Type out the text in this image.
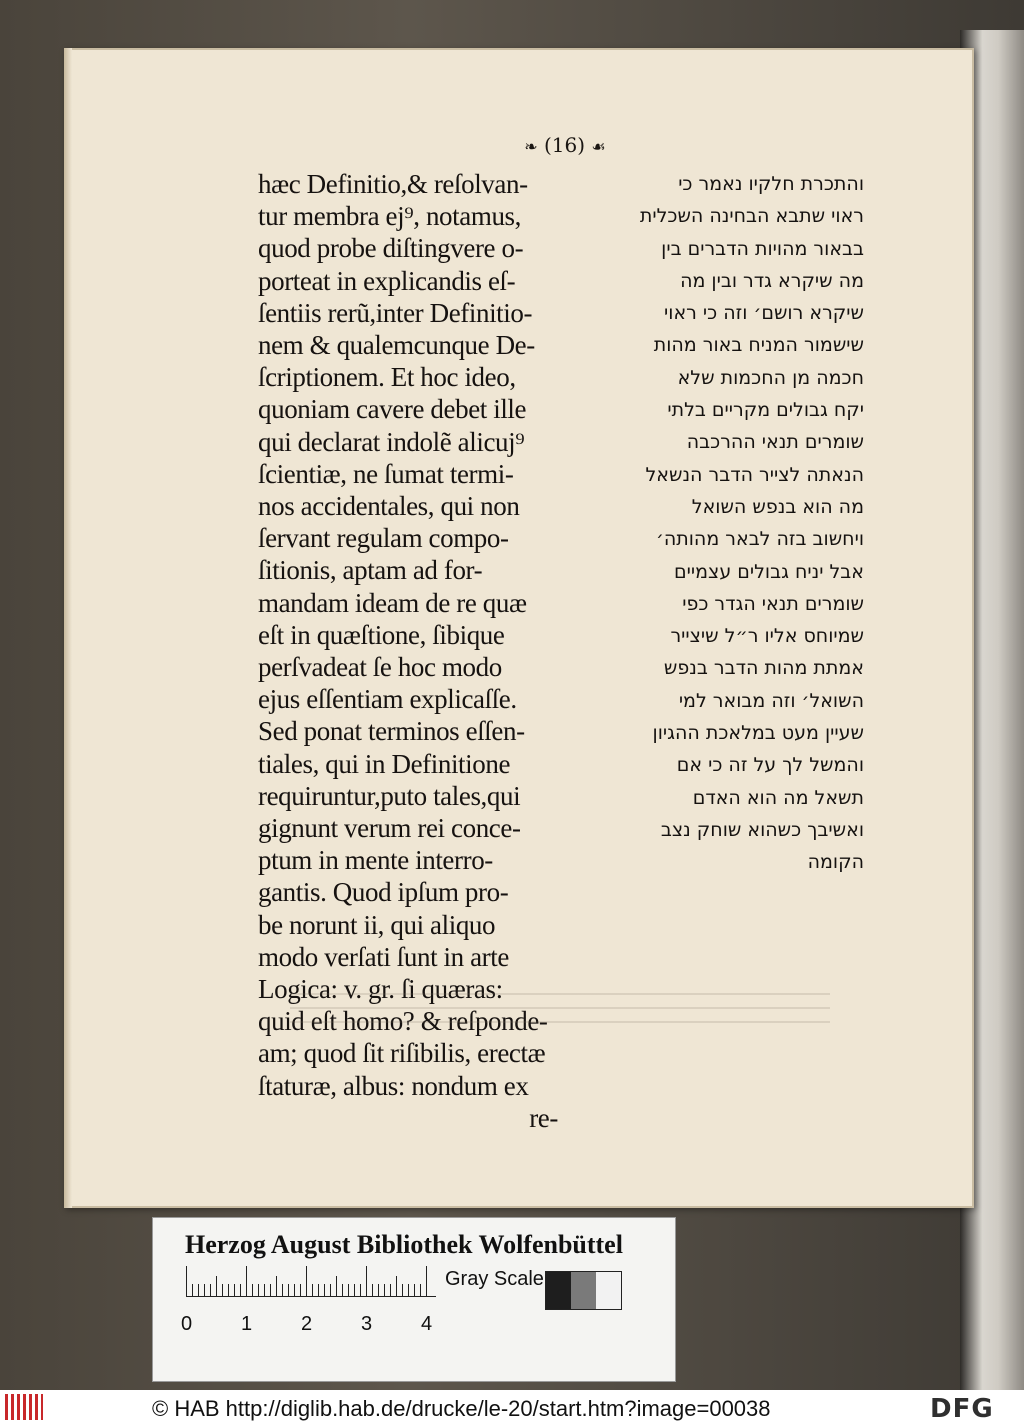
❧ (16) ☙
hæc Definitio,& reſolvan-
tur membra ej⁹, notamus,
quod probe diſtingvere o-
porteat in explicandis eſ-
ſentiis rerũ,inter Definitio-
nem & qualemcunque De-
ſcriptionem. Et hoc ideo,
quoniam cavere debet ille
qui declarat indolẽ alicuj⁹
ſcientiæ, ne ſumat termi-
nos accidentales, qui non
ſervant regulam compo-
ſitionis, aptam ad for-
mandam ideam de re quæ
eſt in quæſtione, ſibique
perſvadeat ſe hoc modo
ejus eſſentiam explicaſſe.
Sed ponat terminos eſſen-
tiales, qui in Definitione
requiruntur,puto tales,qui
gignunt verum rei conce-
ptum in mente interro-
gantis. Quod ipſum pro-
be norunt ii, qui aliquo
modo verſati ſunt in arte
Logica: v. gr. ſi quæras:
quid eſt homo? & reſponde-
am; quod ſit riſibilis, erectæ
ſtaturæ, albus: nondum ex
re-
והתכרת חלקיו נאמר כי
ראוי שתבא הבחינה השכלית
בבאור מהויות הדברים בין
מה שיקרא גדר ובין מה
שיקרא רושם׳ וזה כי ראוי
שישמור המניח באור מהות
חכמה מן החכמות שלא
יקח גבולים מקריים בלתי
שומרים תנאי ההרכבה
הנאתה לצייר הדבר הנשאל
מה הוא בנפש השואל
ויחשוב בזה לבאר מהותה׳
אבל יניח גבולים עצמיים
שומרים תנאי הגדר כפי
שמיוחס אליו ר״ל שיצייר
אמתת מהות הדבר בנפש
השואל׳ וזה מבואר למי
שעיין מעט במלאכת ההגיון
והמשל לך על זה כי אם
תשאל מה הוא האדם
ואשיבך כשהוא שוחק נצב
הקומה
Herzog August Bibliothek Wolfenbüttel
0 1 2 3 4
Gray Scale
© HAB http://diglib.hab.de/drucke/le-20/start.htm?image=00038	DFG
